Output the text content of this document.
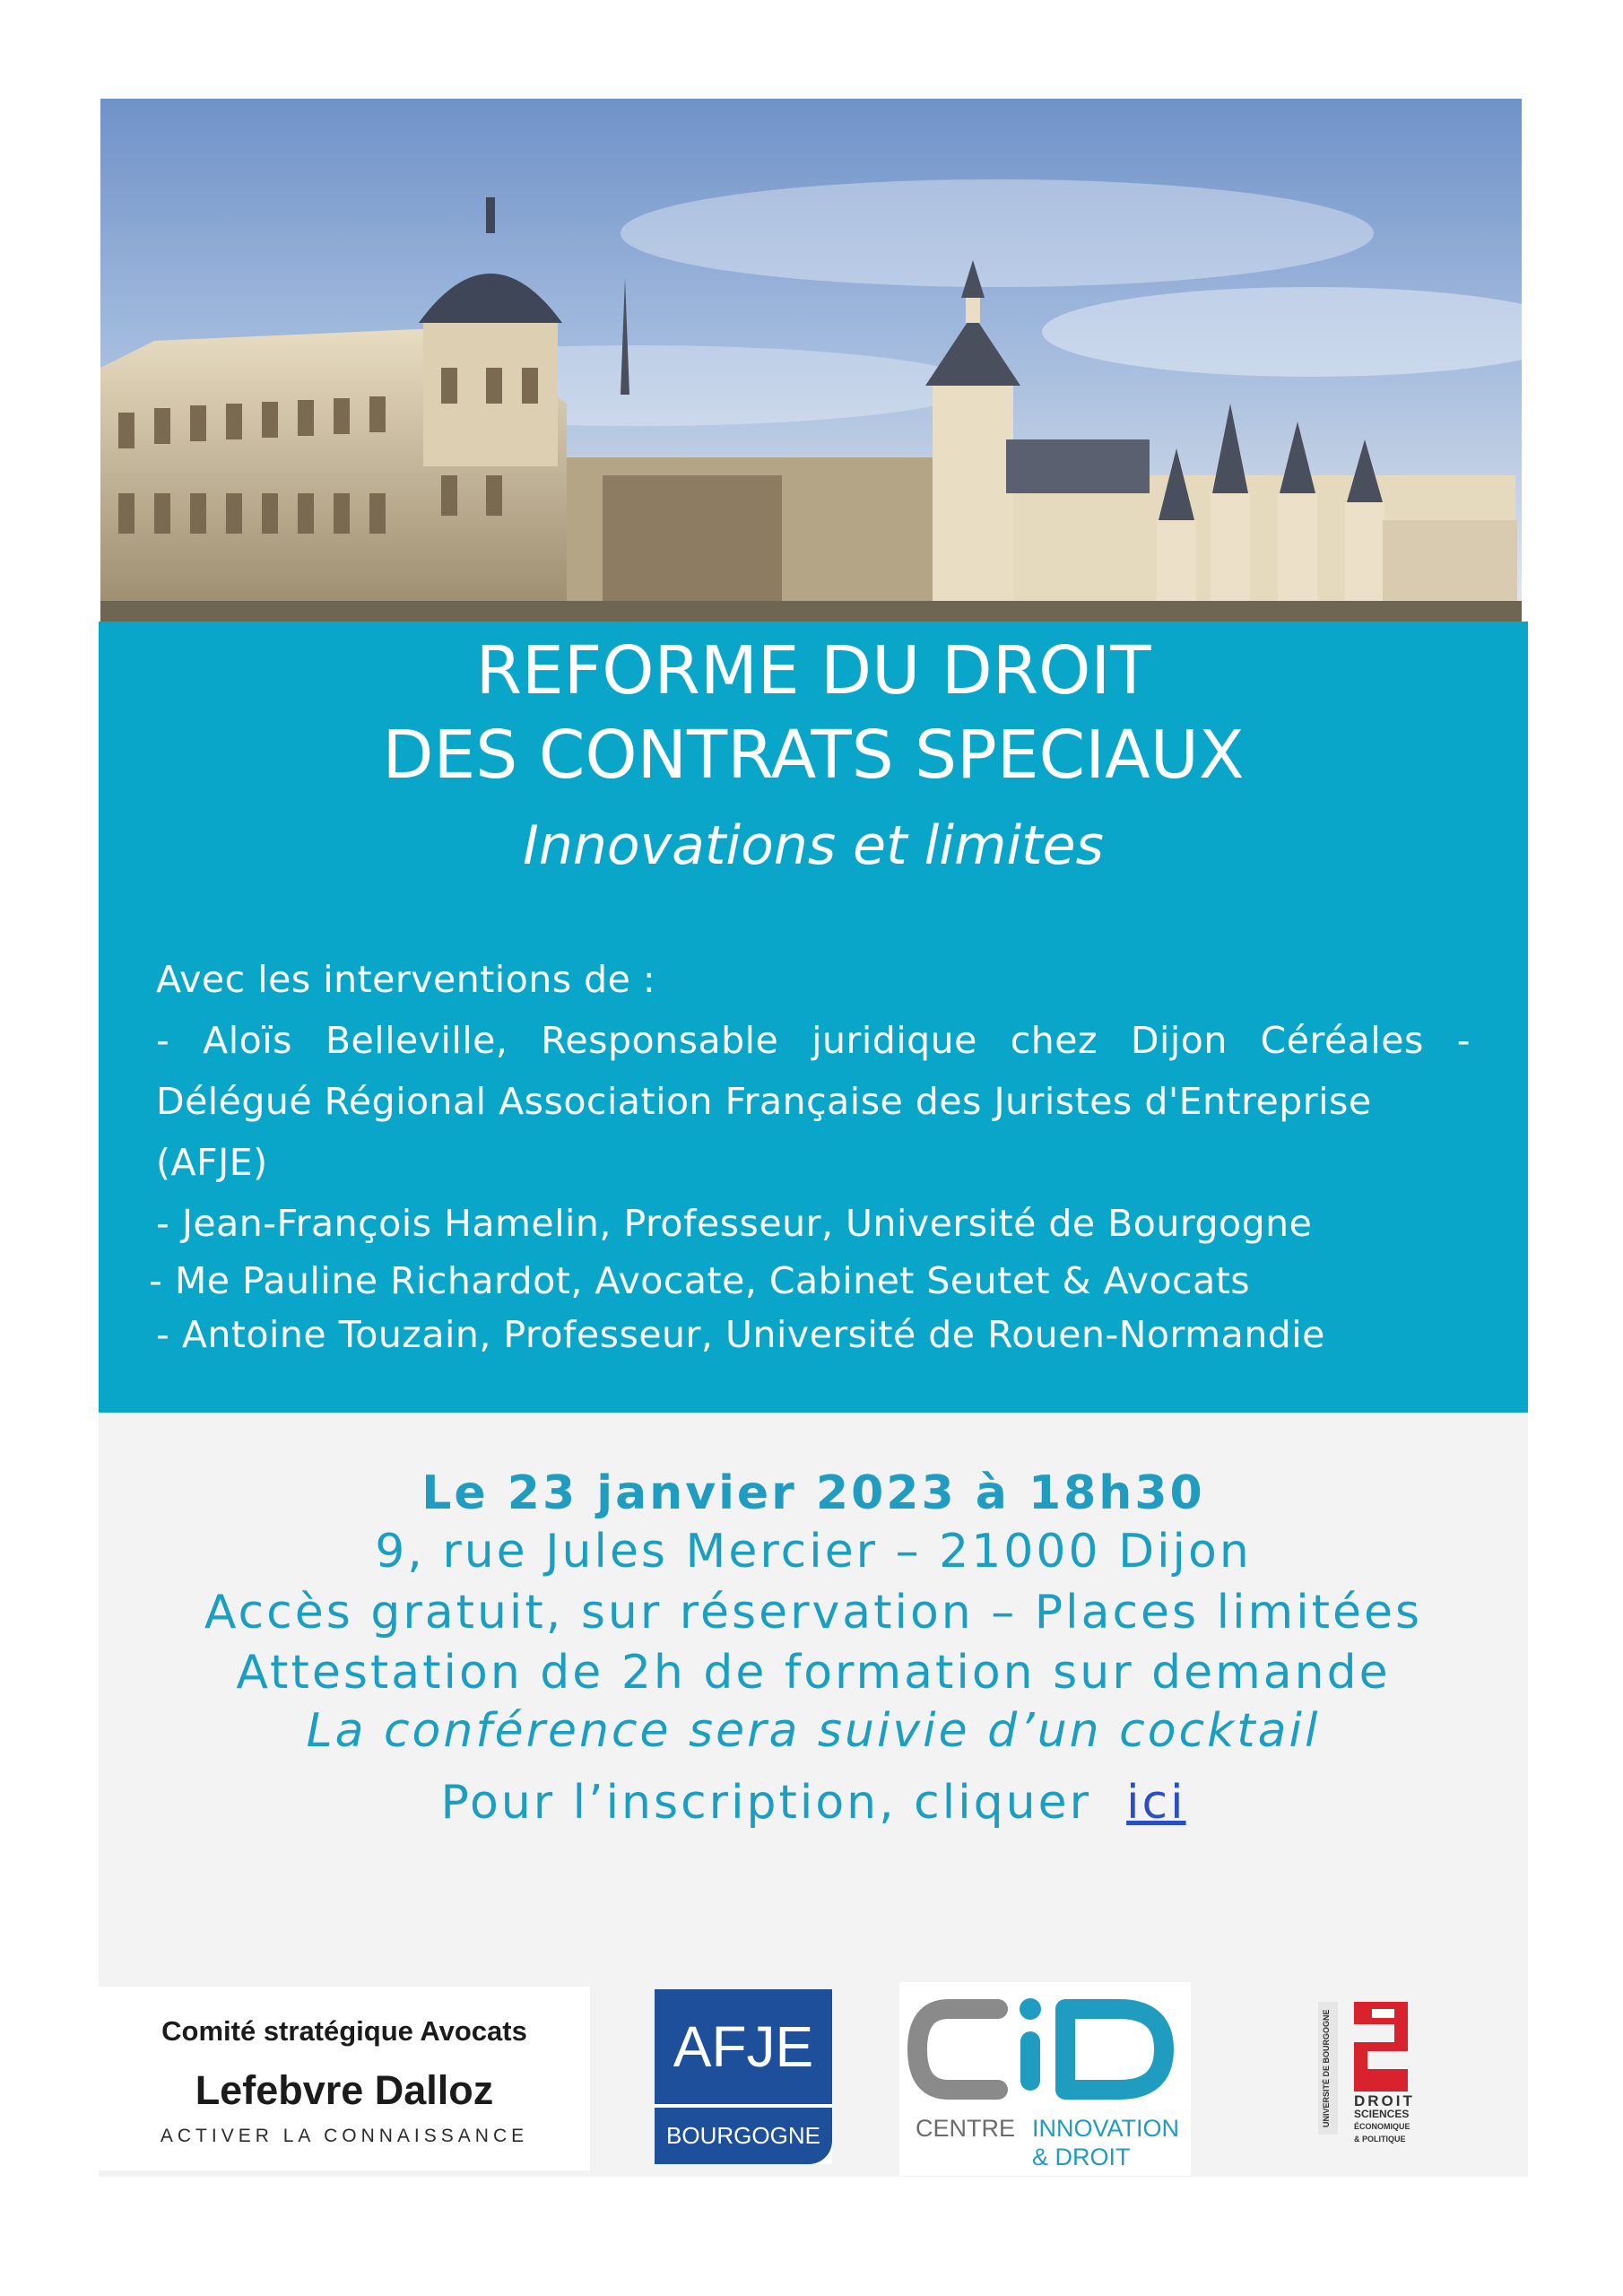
REFORME DU DROIT
DES CONTRATS SPECIAUX
Innovations et limites
Avec les interventions de :
- Aloïs Belleville, Responsable juridique chez Dijon Céréales -
Délégué Régional Association Française des Juristes d'Entreprise
(AFJE)
- Jean-François Hamelin, Professeur, Université de Bourgogne
- Me Pauline Richardot, Avocate, Cabinet Seutet & Avocats
- Antoine Touzain, Professeur, Université de Rouen-Normandie
Le 23 janvier 2023 à 18h30
9, rue Jules Mercier – 21000 Dijon
Accès gratuit, sur réservation – Places limitées
Attestation de 2h de formation sur demande
La conférence sera suivie d’un cocktail
Pour l’inscription, cliquer ici
Comité stratégique Avocats
Lefebvre Dalloz
ACTIVER LA CONNAISSANCE
AFJE
BOURGOGNE	CENTRE INNOVATION
& DROIT
UNIVERSITÉ DE BOURGOGNE DROIT
SCIENCES
ÉCONOMIQUE
& POLITIQUE
